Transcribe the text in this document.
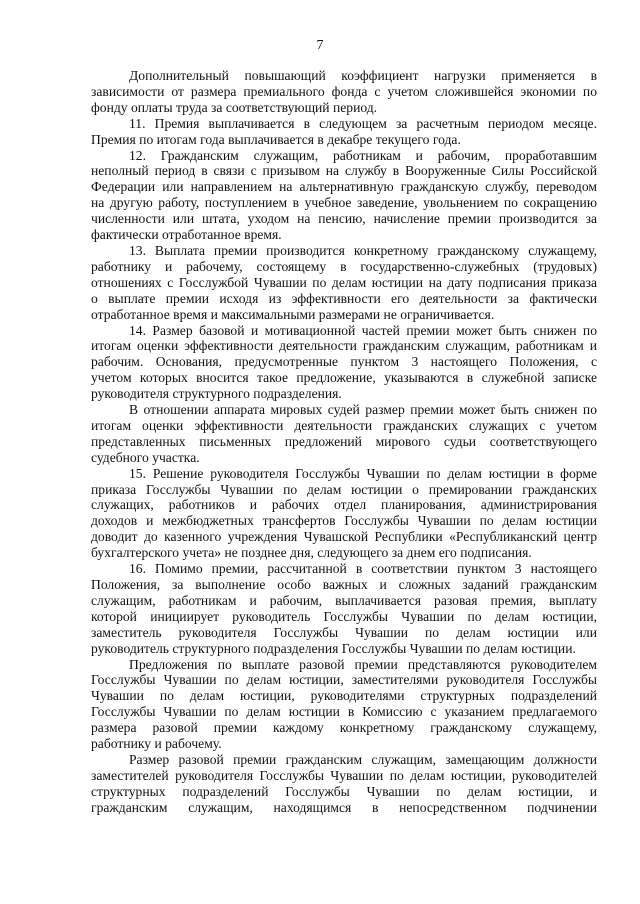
7
Дополнительный повышающий коэффициент нагрузки применяется в
зависимости от размера премиального фонда с учетом сложившейся экономии по
фонду оплаты труда за соответствующий период.
11. Премия выплачивается в следующем за расчетным периодом месяце.
Премия по итогам года выплачивается в декабре текущего года.
12. Гражданским служащим, работникам и рабочим, проработавшим
неполный период в связи с призывом на службу в Вооруженные Силы Российской
Федерации или направлением на альтернативную гражданскую службу, переводом
на другую работу, поступлением в учебное заведение, увольнением по сокращению
численности или штата, уходом на пенсию, начисление премии производится за
фактически отработанное время.
13. Выплата премии производится конкретному гражданскому служащему,
работнику и рабочему, состоящему в государственно-служебных (трудовых)
отношениях с Госслужбой Чувашии по делам юстиции на дату подписания приказа
о выплате премии исходя из эффективности его деятельности за фактически
отработанное время и максимальными размерами не ограничивается.
14. Размер базовой и мотивационной частей премии может быть снижен по
итогам оценки эффективности деятельности гражданским служащим, работникам и
рабочим. Основания, предусмотренные пунктом 3 настоящего Положения, с
учетом которых вносится такое предложение, указываются в служебной записке
руководителя структурного подразделения.
В отношении аппарата мировых судей размер премии может быть снижен по
итогам оценки эффективности деятельности гражданских служащих с учетом
представленных письменных предложений мирового судьи соответствующего
судебного участка.
15. Решение руководителя Госслужбы Чувашии по делам юстиции в форме
приказа Госслужбы Чувашии по делам юстиции о премировании гражданских
служащих, работников и рабочих отдел планирования, администрирования
доходов и межбюджетных трансфертов Госслужбы Чувашии по делам юстиции
доводит до казенного учреждения Чувашской Республики «Республиканский центр
бухгалтерского учета» не позднее дня, следующего за днем его подписания.
16. Помимо премии, рассчитанной в соответствии пунктом 3 настоящего
Положения, за выполнение особо важных и сложных заданий гражданским
служащим, работникам и рабочим, выплачивается разовая премия, выплату
которой инициирует руководитель Госслужбы Чувашии по делам юстиции,
заместитель руководителя Госслужбы Чувашии по делам юстиции или
руководитель структурного подразделения Госслужбы Чувашии по делам юстиции.
Предложения по выплате разовой премии представляются руководителем
Госслужбы Чувашии по делам юстиции, заместителями руководителя Госслужбы
Чувашии по делам юстиции, руководителями структурных подразделений
Госслужбы Чувашии по делам юстиции в Комиссию с указанием предлагаемого
размера разовой премии каждому конкретному гражданскому служащему,
работнику и рабочему.
Размер разовой премии гражданским служащим, замещающим должности
заместителей руководителя Госслужбы Чувашии по делам юстиции, руководителей
структурных подразделений Госслужбы Чувашии по делам юстиции, и
гражданским служащим, находящимся в непосредственном подчинении
